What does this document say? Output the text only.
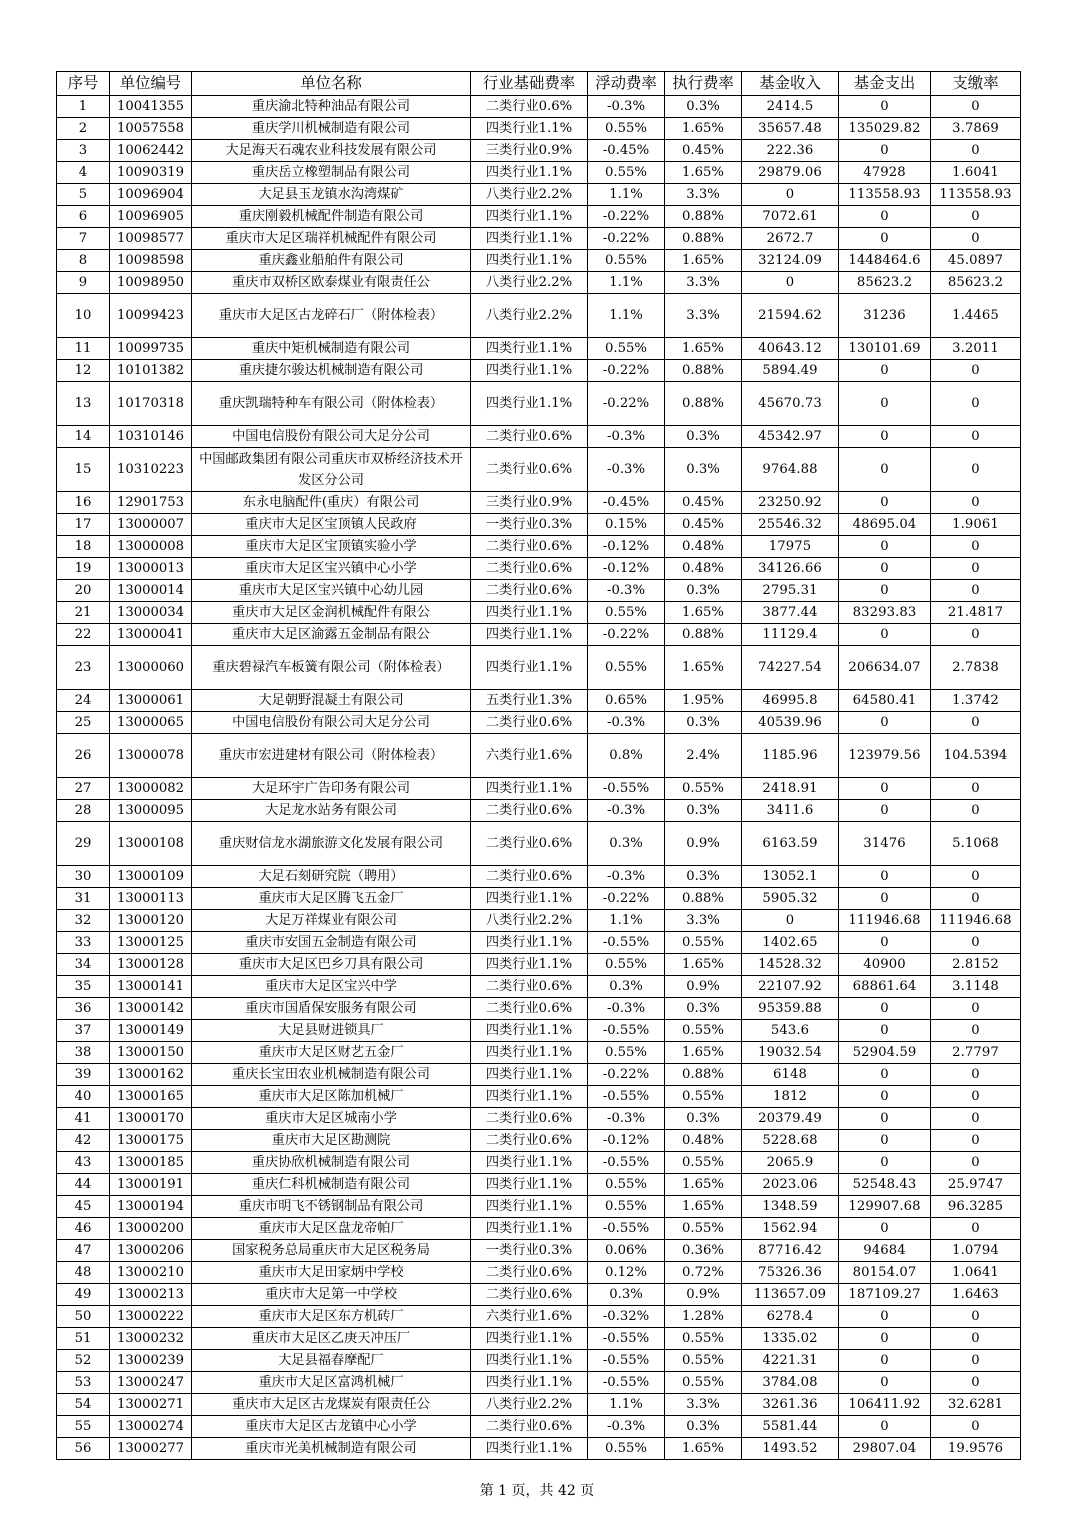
序号	单位编号	单位名称	行业基础费率	浮动费率	执行费率	基金收入	基金支出	支缴率
1	10041355	重庆渝北特种油品有限公司	二类行业0.6%	-0.3%	0.3%	2414.5	0	0
2	10057558	重庆学川机械制造有限公司	四类行业1.1%	0.55%	1.65%	35657.48	135029.82	3.7869
3	10062442	大足海天石魂农业科技发展有限公司	三类行业0.9%	-0.45%	0.45%	222.36	0	0
4	10090319	重庆岳立橡塑制品有限公司	四类行业1.1%	0.55%	1.65%	29879.06	47928	1.6041
5	10096904	大足县玉龙镇水沟湾煤矿	八类行业2.2%	1.1%	3.3%	0	113558.93	113558.93
6	10096905	重庆刚毅机械配件制造有限公司	四类行业1.1%	-0.22%	0.88%	7072.61	0	0
7	10098577	重庆市大足区瑞祥机械配件有限公司	四类行业1.1%	-0.22%	0.88%	2672.7	0	0
8	10098598	重庆鑫业船舶件有限公司	四类行业1.1%	0.55%	1.65%	32124.09	1448464.6	45.0897
9	10098950	重庆市双桥区欧泰煤业有限责任公	八类行业2.2%	1.1%	3.3%	0	85623.2	85623.2
10	10099423	重庆市大足区古龙碎石厂（附体检表）	八类行业2.2%	1.1%	3.3%	21594.62	31236	1.4465
11	10099735	重庆中矩机械制造有限公司	四类行业1.1%	0.55%	1.65%	40643.12	130101.69	3.2011
12	10101382	重庆捷尔骏达机械制造有限公司	四类行业1.1%	-0.22%	0.88%	5894.49	0	0
13	10170318	重庆凯瑞特种车有限公司（附体检表）	四类行业1.1%	-0.22%	0.88%	45670.73	0	0
14	10310146	中国电信股份有限公司大足分公司	二类行业0.6%	-0.3%	0.3%	45342.97	0	0
15	10310223	中国邮政集团有限公司重庆市双桥经济技术开发区分公司	二类行业0.6%	-0.3%	0.3%	9764.88	0	0
16	12901753	东永电脑配件(重庆）有限公司	三类行业0.9%	-0.45%	0.45%	23250.92	0	0
17	13000007	重庆市大足区宝顶镇人民政府	一类行业0.3%	0.15%	0.45%	25546.32	48695.04	1.9061
18	13000008	重庆市大足区宝顶镇实验小学	二类行业0.6%	-0.12%	0.48%	17975	0	0
19	13000013	重庆市大足区宝兴镇中心小学	二类行业0.6%	-0.12%	0.48%	34126.66	0	0
20	13000014	重庆市大足区宝兴镇中心幼儿园	二类行业0.6%	-0.3%	0.3%	2795.31	0	0
21	13000034	重庆市大足区金润机械配件有限公	四类行业1.1%	0.55%	1.65%	3877.44	83293.83	21.4817
22	13000041	重庆市大足区渝露五金制品有限公	四类行业1.1%	-0.22%	0.88%	11129.4	0	0
23	13000060	重庆碧禄汽车板簧有限公司（附体检表）	四类行业1.1%	0.55%	1.65%	74227.54	206634.07	2.7838
24	13000061	大足朝野混凝土有限公司	五类行业1.3%	0.65%	1.95%	46995.8	64580.41	1.3742
25	13000065	中国电信股份有限公司大足分公司	二类行业0.6%	-0.3%	0.3%	40539.96	0	0
26	13000078	重庆市宏进建材有限公司（附体检表）	六类行业1.6%	0.8%	2.4%	1185.96	123979.56	104.5394
27	13000082	大足环宇广告印务有限公司	四类行业1.1%	-0.55%	0.55%	2418.91	0	0
28	13000095	大足龙水站务有限公司	二类行业0.6%	-0.3%	0.3%	3411.6	0	0
29	13000108	重庆财信龙水湖旅游文化发展有限公司	二类行业0.6%	0.3%	0.9%	6163.59	31476	5.1068
30	13000109	大足石刻研究院（聘用）	二类行业0.6%	-0.3%	0.3%	13052.1	0	0
31	13000113	重庆市大足区腾飞五金厂	四类行业1.1%	-0.22%	0.88%	5905.32	0	0
32	13000120	大足万祥煤业有限公司	八类行业2.2%	1.1%	3.3%	0	111946.68	111946.68
33	13000125	重庆市安国五金制造有限公司	四类行业1.1%	-0.55%	0.55%	1402.65	0	0
34	13000128	重庆市大足区巴乡刀具有限公司	四类行业1.1%	0.55%	1.65%	14528.32	40900	2.8152
35	13000141	重庆市大足区宝兴中学	二类行业0.6%	0.3%	0.9%	22107.92	68861.64	3.1148
36	13000142	重庆市国盾保安服务有限公司	二类行业0.6%	-0.3%	0.3%	95359.88	0	0
37	13000149	大足县财进锁具厂	四类行业1.1%	-0.55%	0.55%	543.6	0	0
38	13000150	重庆市大足区财艺五金厂	四类行业1.1%	0.55%	1.65%	19032.54	52904.59	2.7797
39	13000162	重庆长宝田农业机械制造有限公司	四类行业1.1%	-0.22%	0.88%	6148	0	0
40	13000165	重庆市大足区陈加机械厂	四类行业1.1%	-0.55%	0.55%	1812	0	0
41	13000170	重庆市大足区城南小学	二类行业0.6%	-0.3%	0.3%	20379.49	0	0
42	13000175	重庆市大足区勘测院	二类行业0.6%	-0.12%	0.48%	5228.68	0	0
43	13000185	重庆协欣机械制造有限公司	四类行业1.1%	-0.55%	0.55%	2065.9	0	0
44	13000191	重庆仁科机械制造有限公司	四类行业1.1%	0.55%	1.65%	2023.06	52548.43	25.9747
45	13000194	重庆市明飞不锈钢制品有限公司	四类行业1.1%	0.55%	1.65%	1348.59	129907.68	96.3285
46	13000200	重庆市大足区盘龙帝帕厂	四类行业1.1%	-0.55%	0.55%	1562.94	0	0
47	13000206	国家税务总局重庆市大足区税务局	一类行业0.3%	0.06%	0.36%	87716.42	94684	1.0794
48	13000210	重庆市大足田家炳中学校	二类行业0.6%	0.12%	0.72%	75326.36	80154.07	1.0641
49	13000213	重庆市大足第一中学校	二类行业0.6%	0.3%	0.9%	113657.09	187109.27	1.6463
50	13000222	重庆市大足区东方机砖厂	六类行业1.6%	-0.32%	1.28%	6278.4	0	0
51	13000232	重庆市大足区乙庚天冲压厂	四类行业1.1%	-0.55%	0.55%	1335.02	0	0
52	13000239	大足县福春摩配厂	四类行业1.1%	-0.55%	0.55%	4221.31	0	0
53	13000247	重庆市大足区富鸿机械厂	四类行业1.1%	-0.55%	0.55%	3784.08	0	0
54	13000271	重庆市大足区古龙煤炭有限责任公	八类行业2.2%	1.1%	3.3%	3261.36	106411.92	32.6281
55	13000274	重庆市大足区古龙镇中心小学	二类行业0.6%	-0.3%	0.3%	5581.44	0	0
56	13000277	重庆市光美机械制造有限公司	四类行业1.1%	0.55%	1.65%	1493.52	29807.04	19.9576
第 1 页，共 42 页
